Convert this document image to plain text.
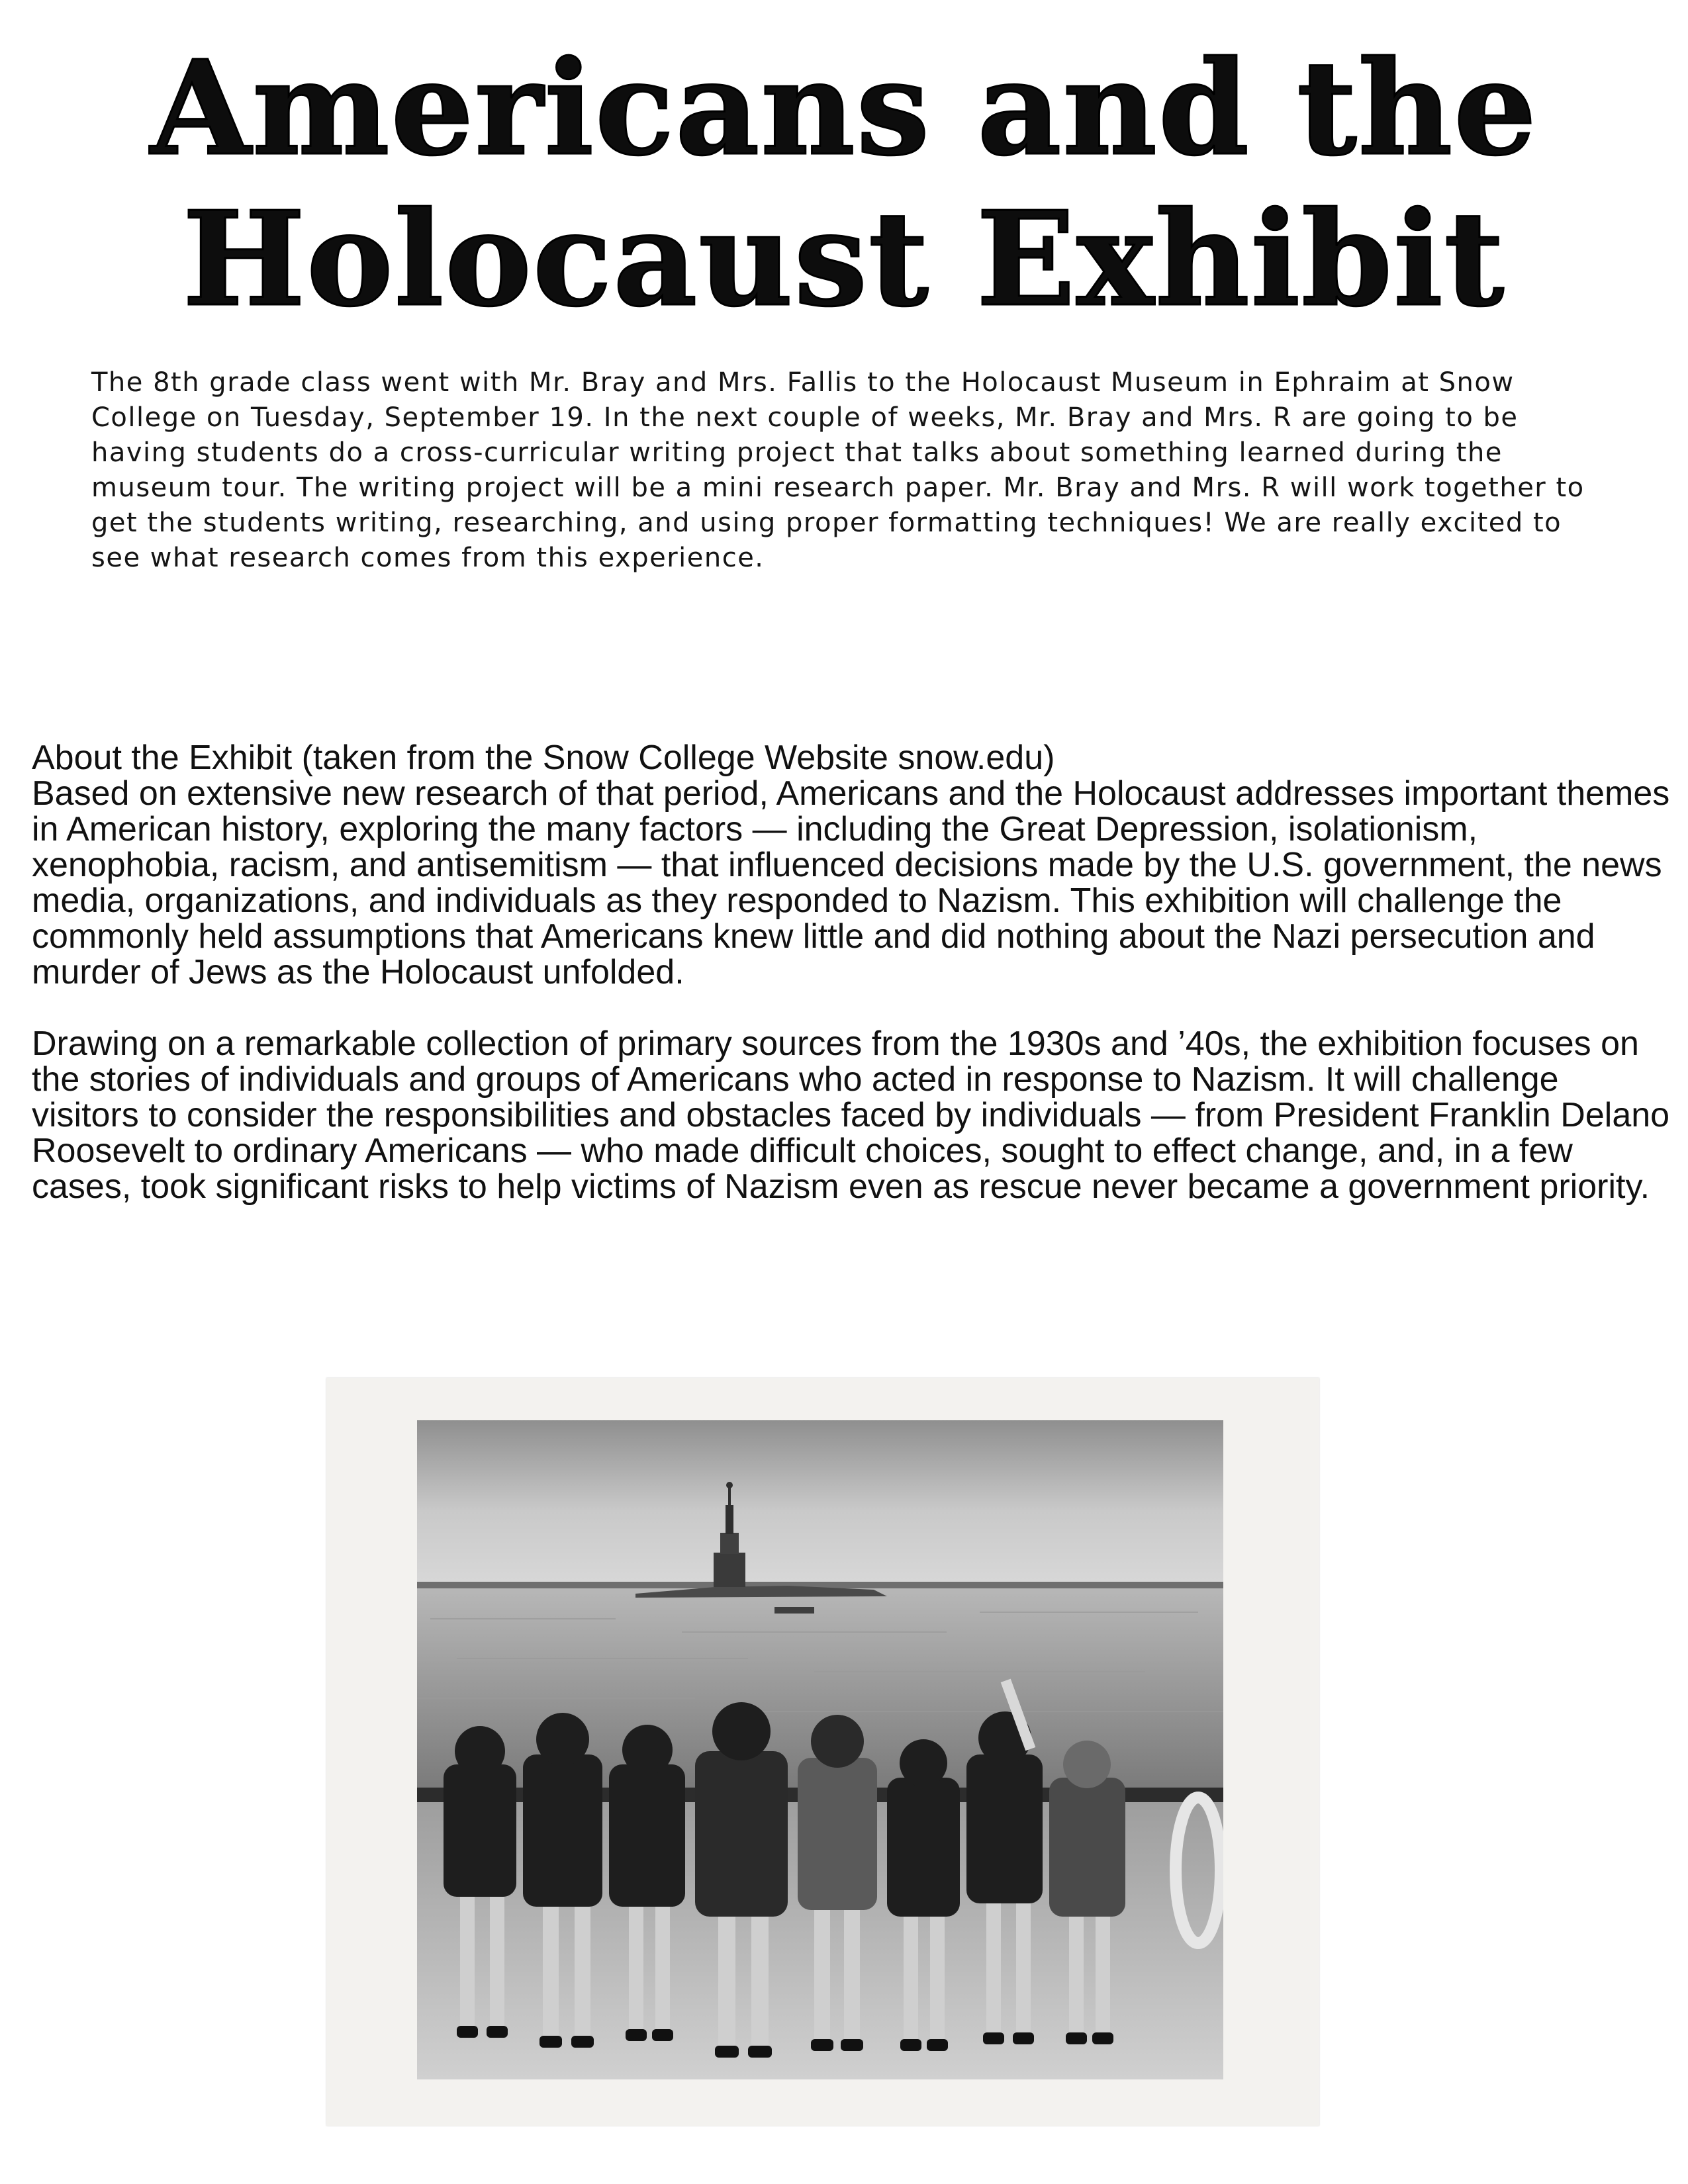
Americans and the
Holocaust Exhibit
The 8th grade class went with Mr. Bray and Mrs. Fallis to the Holocaust Museum in Ephraim at Snow College on Tuesday, September 19. In the next couple of weeks, Mr. Bray and Mrs. R are going to be having students do a cross-curricular writing project that talks about something learned during the museum tour. The writing project will be a mini research paper. Mr. Bray and Mrs. R will work together to get the students writing, researching, and using proper formatting techniques! We are really excited to see what research comes from this experience.

About the Exhibit (taken from the Snow College Website snow.edu)

Based on extensive new research of that period, Americans and the Holocaust addresses important themes in American history, exploring the many factors — including the Great Depression, isolationism, xenophobia, racism, and antisemitism — that influenced decisions made by the U.S. government, the news media, organizations, and individuals as they responded to Nazism. This exhibition will challenge the commonly held assumptions that Americans knew little and did nothing about the Nazi persecution and murder of Jews as the Holocaust unfolded.

Drawing on a remarkable collection of primary sources from the 1930s and ’40s, the exhibition focuses on the stories of individuals and groups of Americans who acted in response to Nazism. It will challenge visitors to consider the responsibilities and obstacles faced by individuals — from President Franklin Delano Roosevelt to ordinary Americans — who made difficult choices, sought to effect change, and, in a few cases, took significant risks to help victims of Nazism even as rescue never became a government priority.
